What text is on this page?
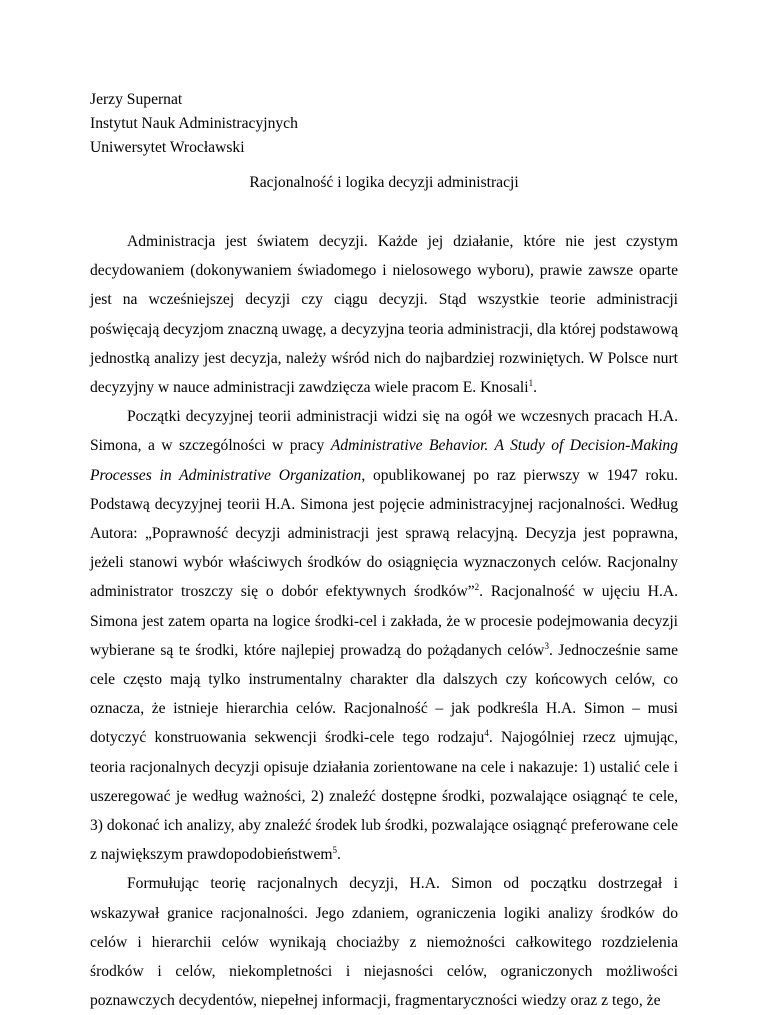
Jerzy Supernat

Instytut Nauk Administracyjnych

Uniwersytet Wrocławski

Racjonalność i logika decyzji administracji

Administracja jest światem decyzji. Każde jej działanie, które nie jest czystym decydowaniem (dokonywaniem świadomego i nielosowego wyboru), prawie zawsze oparte jest na wcześniejszej decyzji czy ciągu decyzji. Stąd wszystkie teorie administracji poświęcają decyzjom znaczną uwagę, a decyzyjna teoria administracji, dla której podstawową jednostką analizy jest decyzja, należy wśród nich do najbardziej rozwiniętych. W Polsce nurt decyzyjny w nauce administracji zawdzięcza wiele pracom E. Knosali$^1$.

Początki decyzyjnej teorii administracji widzi się na ogół we wczesnych pracach H.A. Simona, a w szczególności w pracy Administrative Behavior. A Study of Decision-Making Processes in Administrative Organization, opublikowanej po raz pierwszy w 1947 roku. Podstawą decyzyjnej teorii H.A. Simona jest pojęcie administracyjnej racjonalności. Według Autora: „Poprawność decyzji administracji jest sprawą relacyjną. Decyzja jest poprawna, jeżeli stanowi wybór właściwych środków do osiągnięcia wyznaczonych celów. Racjonalny administrator troszczy się o dobór efektywnych środków”$^2$. Racjonalność w ujęciu H.A. Simona jest zatem oparta na logice środki-cel i zakłada, że w procesie podejmowania decyzji wybierane są te środki, które najlepiej prowadzą do pożądanych celów$^3$. Jednocześnie same cele często mają tylko instrumentalny charakter dla dalszych czy końcowych celów, co oznacza, że istnieje hierarchia celów. Racjonalność – jak podkreśla H.A. Simon – musi dotyczyć konstruowania sekwencji środki-cele tego rodzaju$^4$. Najogólniej rzecz ujmując, teoria racjonalnych decyzji opisuje działania zorientowane na cele i nakazuje: 1) ustalić cele i uszeregować je według ważności, 2) znaleźć dostępne środki, pozwalające osiągnąć te cele, 3) dokonać ich analizy, aby znaleźć środek lub środki, pozwalające osiągnąć preferowane cele z największym prawdopodobieństwem$^5$.

Formułując teorię racjonalnych decyzji, H.A. Simon od początku dostrzegał i wskazywał granice racjonalności. Jego zdaniem, ograniczenia logiki analizy środków do celów i hierarchii celów wynikają chociażby z niemożności całkowitego rozdzielenia środków i celów, niekompletności i niejasności celów, ograniczonych możliwości poznawczych decydentów, niepełnej informacji, fragmentaryczności wiedzy oraz z tego, że
